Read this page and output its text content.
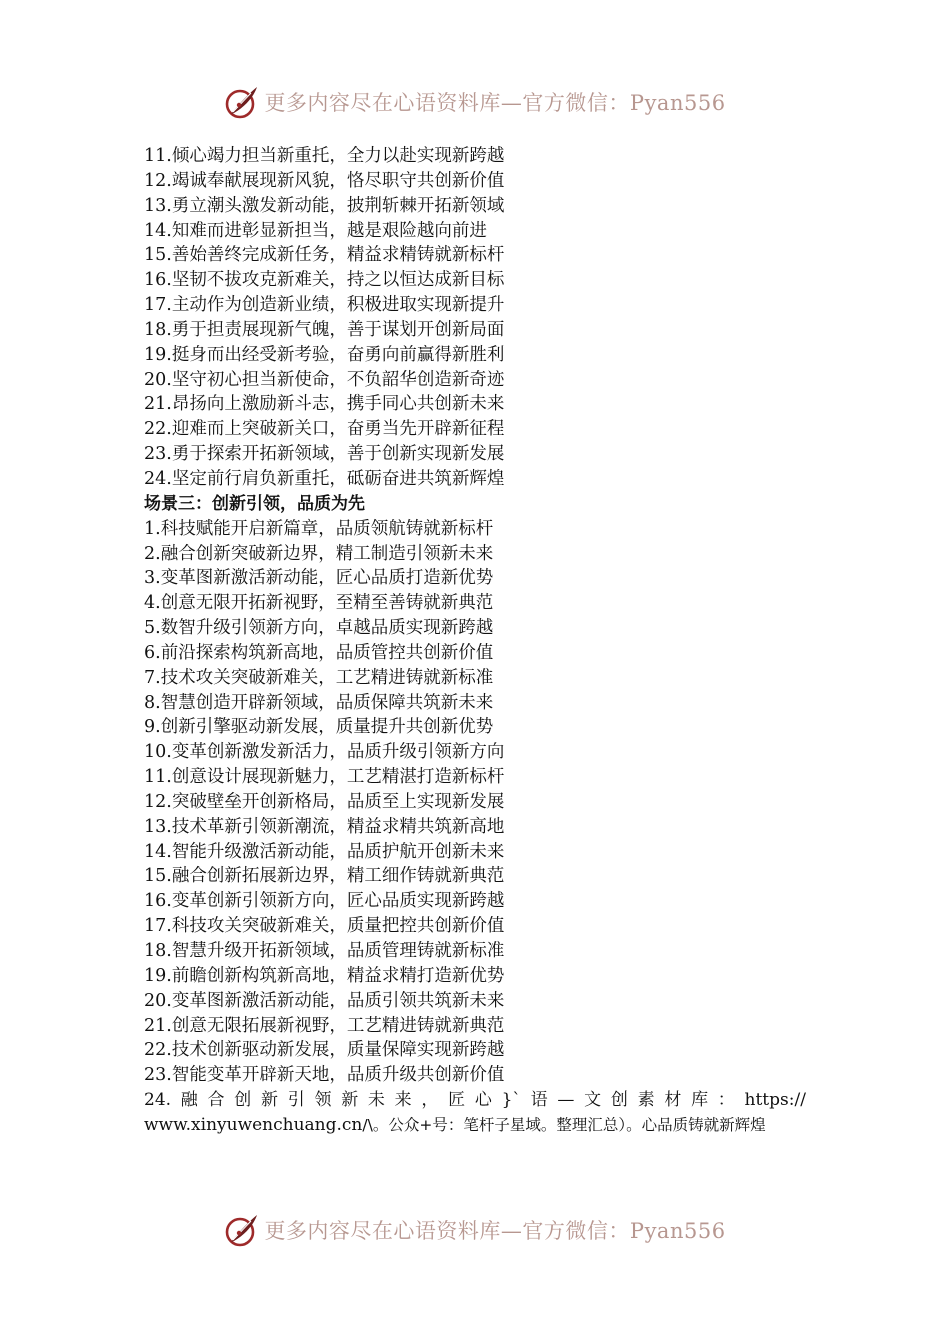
更多内容尽在心语资料库—官方微信：Pyan556
11.倾心竭力担当新重托，全力以赴实现新跨越
12.竭诚奉献展现新风貌，恪尽职守共创新价值
13.勇立潮头激发新动能，披荆斩棘开拓新领域
14.知难而进彰显新担当，越是艰险越向前进
15.善始善终完成新任务，精益求精铸就新标杆
16.坚韧不拔攻克新难关，持之以恒达成新目标
17.主动作为创造新业绩，积极进取实现新提升
18.勇于担责展现新气魄，善于谋划开创新局面
19.挺身而出经受新考验，奋勇向前赢得新胜利
20.坚守初心担当新使命，不负韶华创造新奇迹
21.昂扬向上激励新斗志，携手同心共创新未来
22.迎难而上突破新关口，奋勇当先开辟新征程
23.勇于探索开拓新领域，善于创新实现新发展
24.坚定前行肩负新重托，砥砺奋进共筑新辉煌
场景三：创新引领，品质为先
1.科技赋能开启新篇章，品质领航铸就新标杆
2.融合创新突破新边界，精工制造引领新未来
3.变革图新激活新动能，匠心品质打造新优势
4.创意无限开拓新视野，至精至善铸就新典范
5.数智升级引领新方向，卓越品质实现新跨越
6.前沿探索构筑新高地，品质管控共创新价值
7.技术攻关突破新难关，工艺精进铸就新标准
8.智慧创造开辟新领域，品质保障共筑新未来
9.创新引擎驱动新发展，质量提升共创新优势
10.变革创新激发新活力，品质升级引领新方向
11.创意设计展现新魅力，工艺精湛打造新标杆
12.突破壁垒开创新格局，品质至上实现新发展
13.技术革新引领新潮流，精益求精共筑新高地
14.智能升级激活新动能，品质护航开创新未来
15.融合创新拓展新边界，精工细作铸就新典范
16.变革创新引领新方向，匠心品质实现新跨越
17.科技攻关突破新难关，质量把控共创新价值
18.智慧升级开拓新领域，品质管理铸就新标准
19.前瞻创新构筑新高地，精益求精打造新优势
20.变革图新激活新动能，品质引领共筑新未来
21.创意无限拓展新视野，工艺精进铸就新典范
22.技术创新驱动新发展，质量保障实现新跨越
23.智能变革开辟新天地，品质升级共创新价值
24. 融 合 创 新 引 领 新 未 来 ， 匠 心 }` 语 — 文 创 素 材 库 ： https://
www.xinyuwenchuang.cn/\。公众+号：笔杆子星域。整理汇总）。心品质铸就新辉煌
更多内容尽在心语资料库—官方微信：Pyan556
